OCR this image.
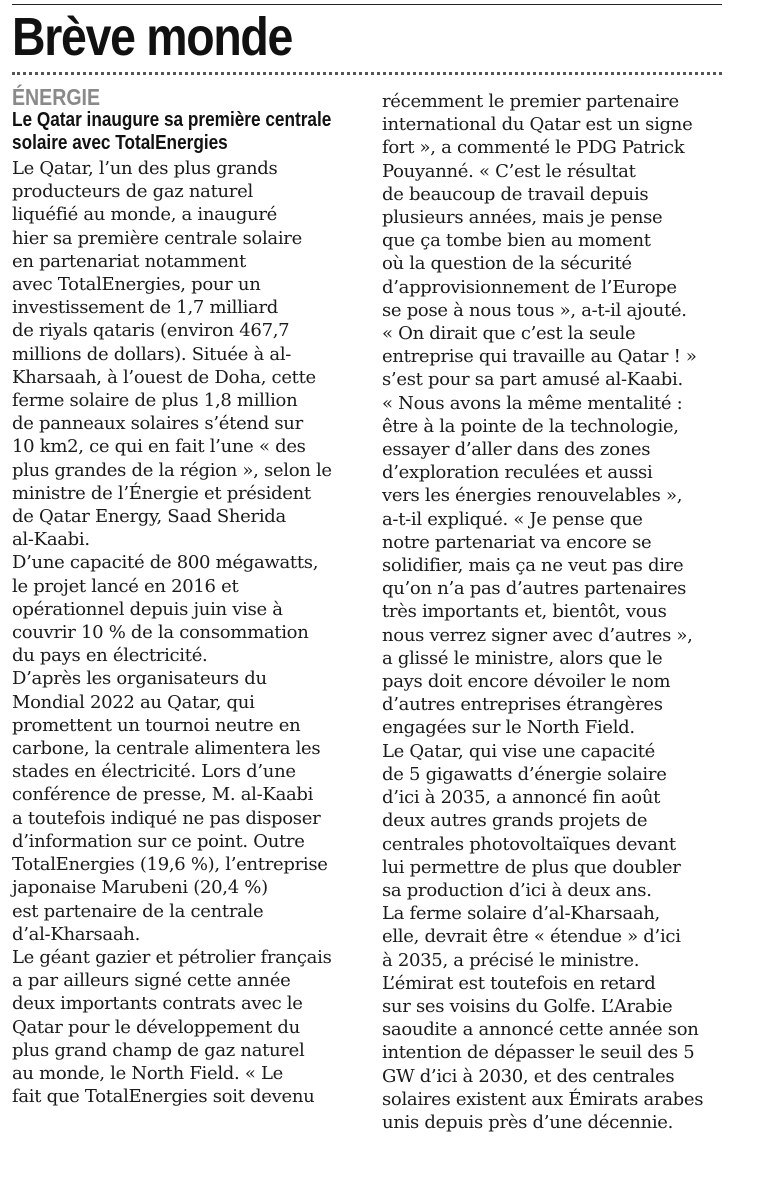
Brève monde
ÉNERGIE
Le Qatar inaugure sa première centrale solaire avec TotalEnergies
Le Qatar, l’un des plus grands
producteurs de gaz naturel
liquéfié au monde, a inauguré
hier sa première centrale solaire
en partenariat notamment
avec TotalEnergies, pour un
investissement de 1,7 milliard
de riyals qataris (environ 467,7
millions de dollars). Située à al-
Kharsaah, à l’ouest de Doha, cette
ferme solaire de plus 1,8 million
de panneaux solaires s’étend sur
10 km2, ce qui en fait l’une « des
plus grandes de la région », selon le
ministre de l’Énergie et président
de Qatar Energy, Saad Sherida
al-Kaabi.
D’une capacité de 800 mégawatts,
le projet lancé en 2016 et
opérationnel depuis juin vise à
couvrir 10 % de la consommation
du pays en électricité.
D’après les organisateurs du
Mondial 2022 au Qatar, qui
promettent un tournoi neutre en
carbone, la centrale alimentera les
stades en électricité. Lors d’une
conférence de presse, M. al-Kaabi
a toutefois indiqué ne pas disposer
d’information sur ce point. Outre
TotalEnergies (19,6 %), l’entreprise
japonaise Marubeni (20,4 %)
est partenaire de la centrale
d’al-Kharsaah.
Le géant gazier et pétrolier français
a par ailleurs signé cette année
deux importants contrats avec le
Qatar pour le développement du
plus grand champ de gaz naturel
au monde, le North Field. « Le
fait que TotalEnergies soit devenu
récemment le premier partenaire
international du Qatar est un signe
fort », a commenté le PDG Patrick
Pouyanné. « C’est le résultat
de beaucoup de travail depuis
plusieurs années, mais je pense
que ça tombe bien au moment
où la question de la sécurité
d’approvisionnement de l’Europe
se pose à nous tous », a-t-il ajouté.
« On dirait que c’est la seule
entreprise qui travaille au Qatar ! »
s’est pour sa part amusé al-Kaabi.
« Nous avons la même mentalité :
être à la pointe de la technologie,
essayer d’aller dans des zones
d’exploration reculées et aussi
vers les énergies renouvelables »,
a-t-il expliqué. « Je pense que
notre partenariat va encore se
solidifier, mais ça ne veut pas dire
qu’on n’a pas d’autres partenaires
très importants et, bientôt, vous
nous verrez signer avec d’autres »,
a glissé le ministre, alors que le
pays doit encore dévoiler le nom
d’autres entreprises étrangères
engagées sur le North Field.
Le Qatar, qui vise une capacité
de 5 gigawatts d’énergie solaire
d’ici à 2035, a annoncé fin août
deux autres grands projets de
centrales photovoltaïques devant
lui permettre de plus que doubler
sa production d’ici à deux ans.
La ferme solaire d’al-Kharsaah,
elle, devrait être « étendue » d’ici
à 2035, a précisé le ministre.
L’émirat est toutefois en retard
sur ses voisins du Golfe. L’Arabie
saoudite a annoncé cette année son
intention de dépasser le seuil des 5
GW d’ici à 2030, et des centrales
solaires existent aux Émirats arabes
unis depuis près d’une décennie.
